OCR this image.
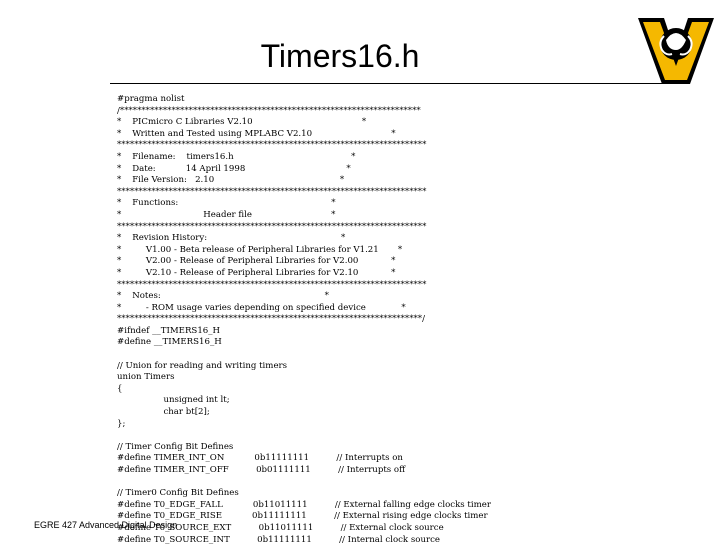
Timers16.h
#pragma nolist
/**********************************************************************
*    PICmicro C Libraries V2.10                                        *
*    Written and Tested using MPLABC V2.10                             *
************************************************************************
*    Filename:    timers16.h                                           *
*    Date:           14 April 1998                                     *
*    File Version:   2.10                                              *
************************************************************************
*    Functions:                                                        *
*                              Header file                             *
************************************************************************
*    Revision History:                                                 *
*         V1.00 - Beta release of Peripheral Libraries for V1.21       *
*         V2.00 - Release of Peripheral Libraries for V2.00            *
*         V2.10 - Release of Peripheral Libraries for V2.10            *
************************************************************************
*    Notes:                                                            *
*         - ROM usage varies depending on specified device             *
***********************************************************************/
#ifndef __TIMERS16_H
#define __TIMERS16_H
// Union for reading and writing timers
union Timers
{
unsigned int lt;
char bt[2];
};
// Timer Config Bit Defines
#define TIMER_INT_ON           0b11111111          // Interrupts on
#define TIMER_INT_OFF          0b01111111          // Interrupts off
// Timer0 Config Bit Defines
#define T0_EDGE_FALL           0b11011111          // External falling edge clocks timer
#define T0_EDGE_RISE           0b11111111          // External rising edge clocks timer
#define T0_SOURCE_EXT          0b11011111          // External clock source
#define T0_SOURCE_INT          0b11111111          // Internal clock source
EGRE 427 Advanced Digital Design
